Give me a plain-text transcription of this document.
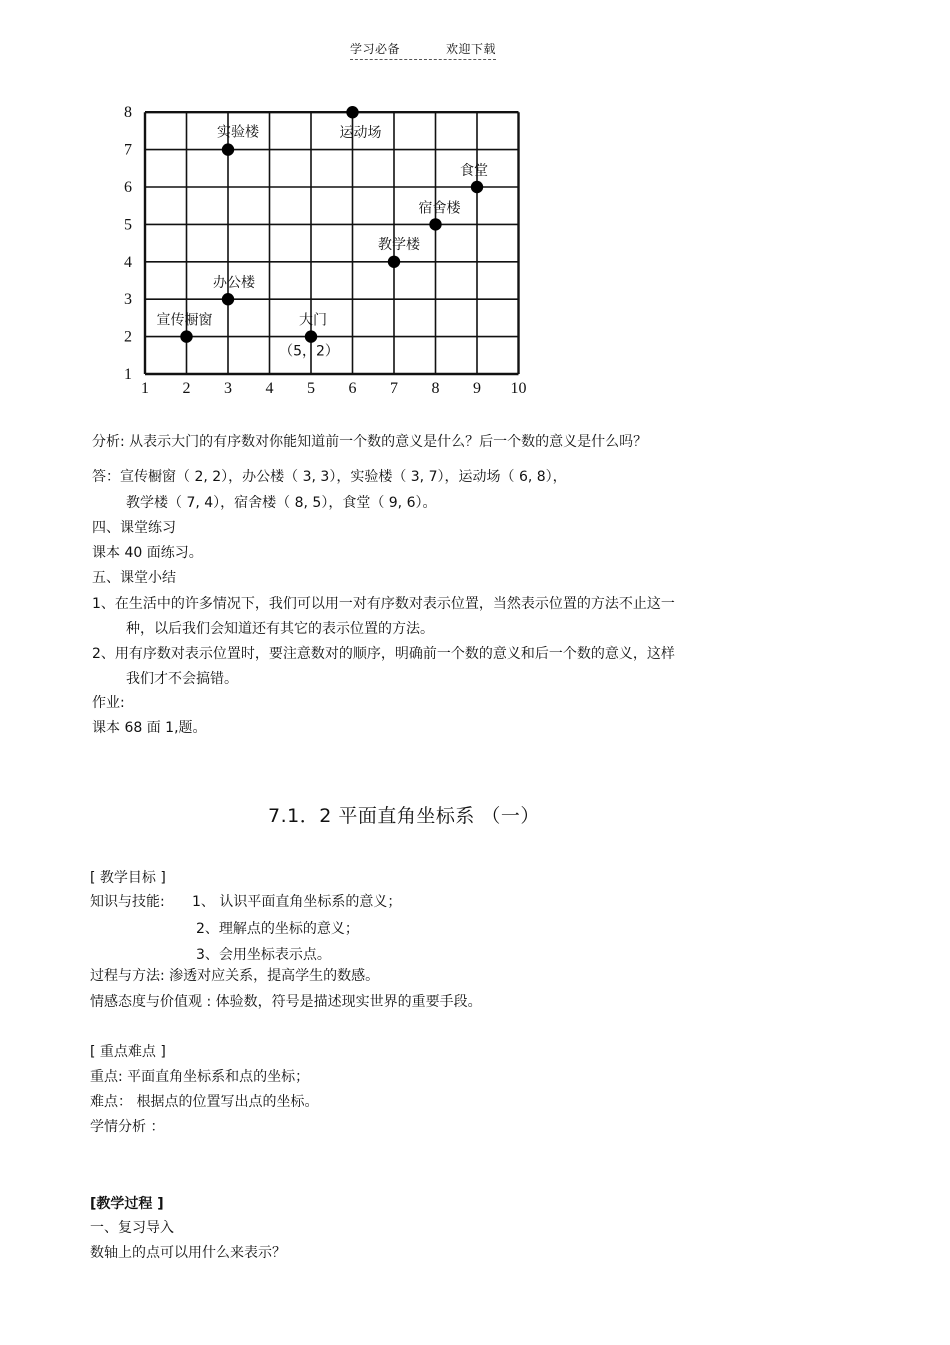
学习必备	欢迎下载
1 2 3 4 5 6 7 8 9 10
1
2
3
4
5
6
7
8
宣传橱窗
办公楼
实验楼	运动场
教学楼
宿舍楼
食堂
大门
（5，2）
分析: 从表示大门的有序数对你能知道前一个数的意义是什么？后一个数的意义是什么吗？
答：宣传橱窗（ 2, 2），办公楼（ 3, 3），实验楼（ 3, 7），运动场（ 6, 8），
教学楼（ 7, 4），宿舍楼（ 8, 5），食堂（ 9, 6）。
四、课堂练习
课本 40 面练习。
五、课堂小结
1、在生活中的许多情况下，我们可以用一对有序数对表示位置，当然表示位置的方法不止这一
种，以后我们会知道还有其它的表示位置的方法。
2、用有序数对表示位置时，要注意数对的顺序，明确前一个数的意义和后一个数的意义，这样
我们才不会搞错。
作业:
课本 68 面 1,题。
7.1．2 平面直角坐标系 （一）
[ 教学目标 ]
知识与技能: 1、 认识平面直角坐标系的意义；
2、理解点的坐标的意义；
3、会用坐标表示点。
过程与方法: 渗透对应关系，提高学生的数感。
情感态度与价值观 : 体验数，符号是描述现实世界的重要手段。
[ 重点难点 ]
重点: 平面直角坐标系和点的坐标；
难点： 根据点的位置写出点的坐标。
学情分析 ：
[教学过程 ]
一、复习导入
数轴上的点可以用什么来表示？
